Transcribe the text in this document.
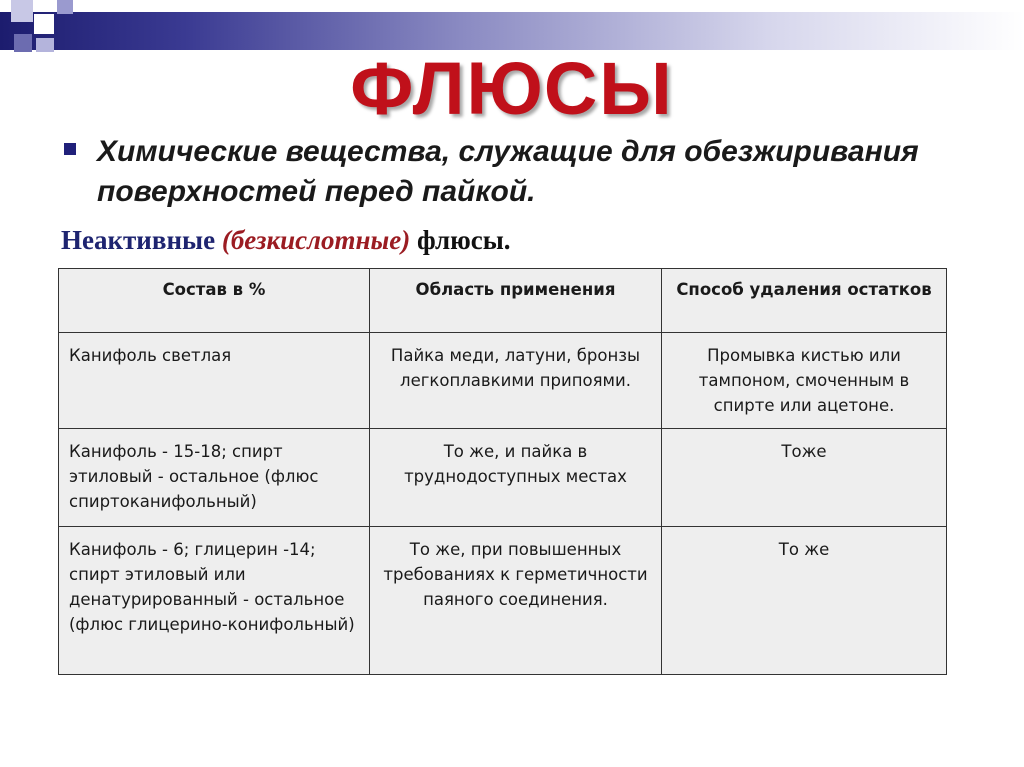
ФЛЮСЫ
Химические вещества, служащие для обезжиривания поверхностей перед пайкой.
Неактивные (безкислотные) флюсы.
Состав в %	Область применения	Способ удаления остатков
Канифоль светлая	Пайка меди, латуни, бронзы легкоплавкими припоями.	Промывка кистью или тампоном, смоченным в спирте или ацетоне.
Канифоль - 15-18; спирт этиловый - остальное (флюс спиртоканифольный)	То же, и пайка в труднодоступных местах	Тоже
Канифоль - 6; глицерин -14; спирт этиловый или денатурированный - остальное (флюс глицерино-конифольный)	То же, при повышенных требованиях к герметичности паяного соединения.	То же
